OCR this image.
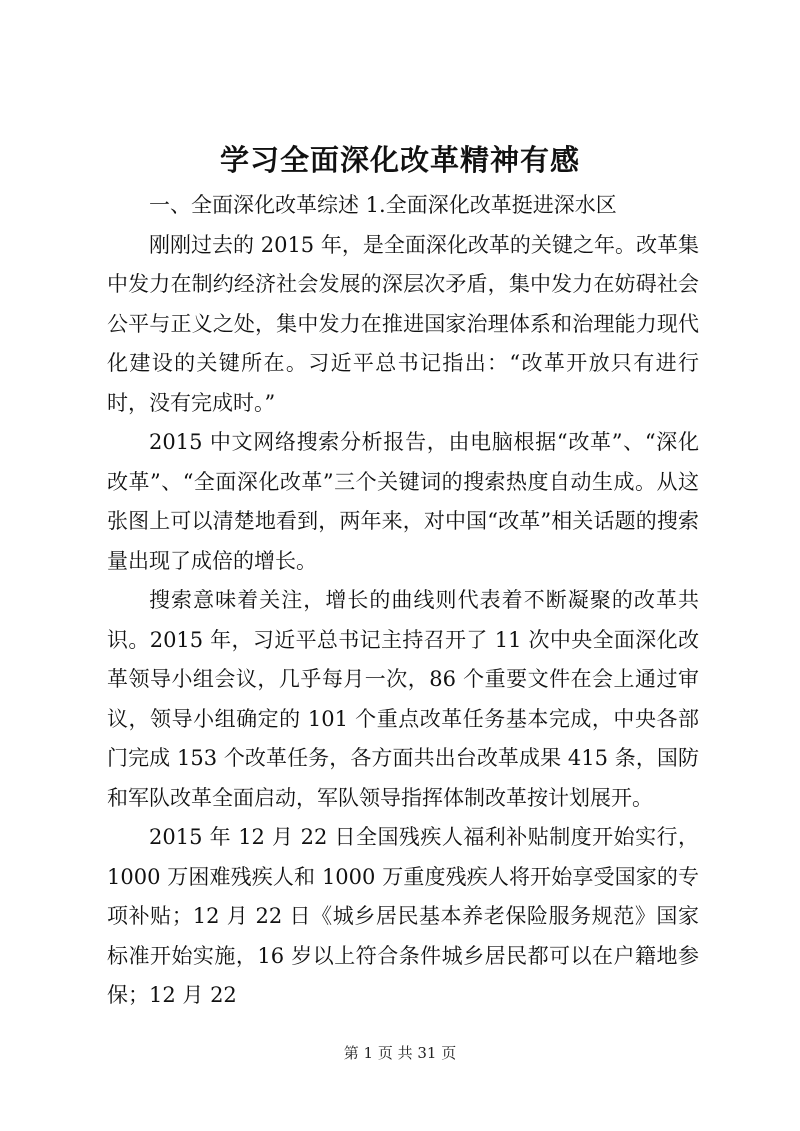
学习全面深化改革精神有感

一、全面深化改革综述 1.全面深化改革挺进深水区

刚刚过去的 2015 年，是全面深化改革的关键之年。改革集中发力在制约经济社会发展的深层次矛盾，集中发力在妨碍社会公平与正义之处，集中发力在推进国家治理体系和治理能力现代化建设的关键所在。习近平总书记指出：“改革开放只有进行时，没有完成时。”

2015 中文网络搜索分析报告，由电脑根据“改革”、“深化改革”、“全面深化改革”三个关键词的搜索热度自动生成。从这张图上可以清楚地看到，两年来，对中国“改革”相关话题的搜索量出现了成倍的增长。

搜索意味着关注，增长的曲线则代表着不断凝聚的改革共识。2015 年，习近平总书记主持召开了 11 次中央全面深化改革领导小组会议，几乎每月一次，86 个重要文件在会上通过审议，领导小组确定的 101 个重点改革任务基本完成，中央各部门完成 153 个改革任务，各方面共出台改革成果 415 条，国防和军队改革全面启动，军队领导指挥体制改革按计划展开。

2015 年 12 月 22 日全国残疾人福利补贴制度开始实行，1000 万困难残疾人和 1000 万重度残疾人将开始享受国家的专项补贴；12 月 22 日《城乡居民基本养老保险服务规范》国家标准开始实施，16 岁以上符合条件城乡居民都可以在户籍地参保；12 月 22

第 1 页 共 31 页
